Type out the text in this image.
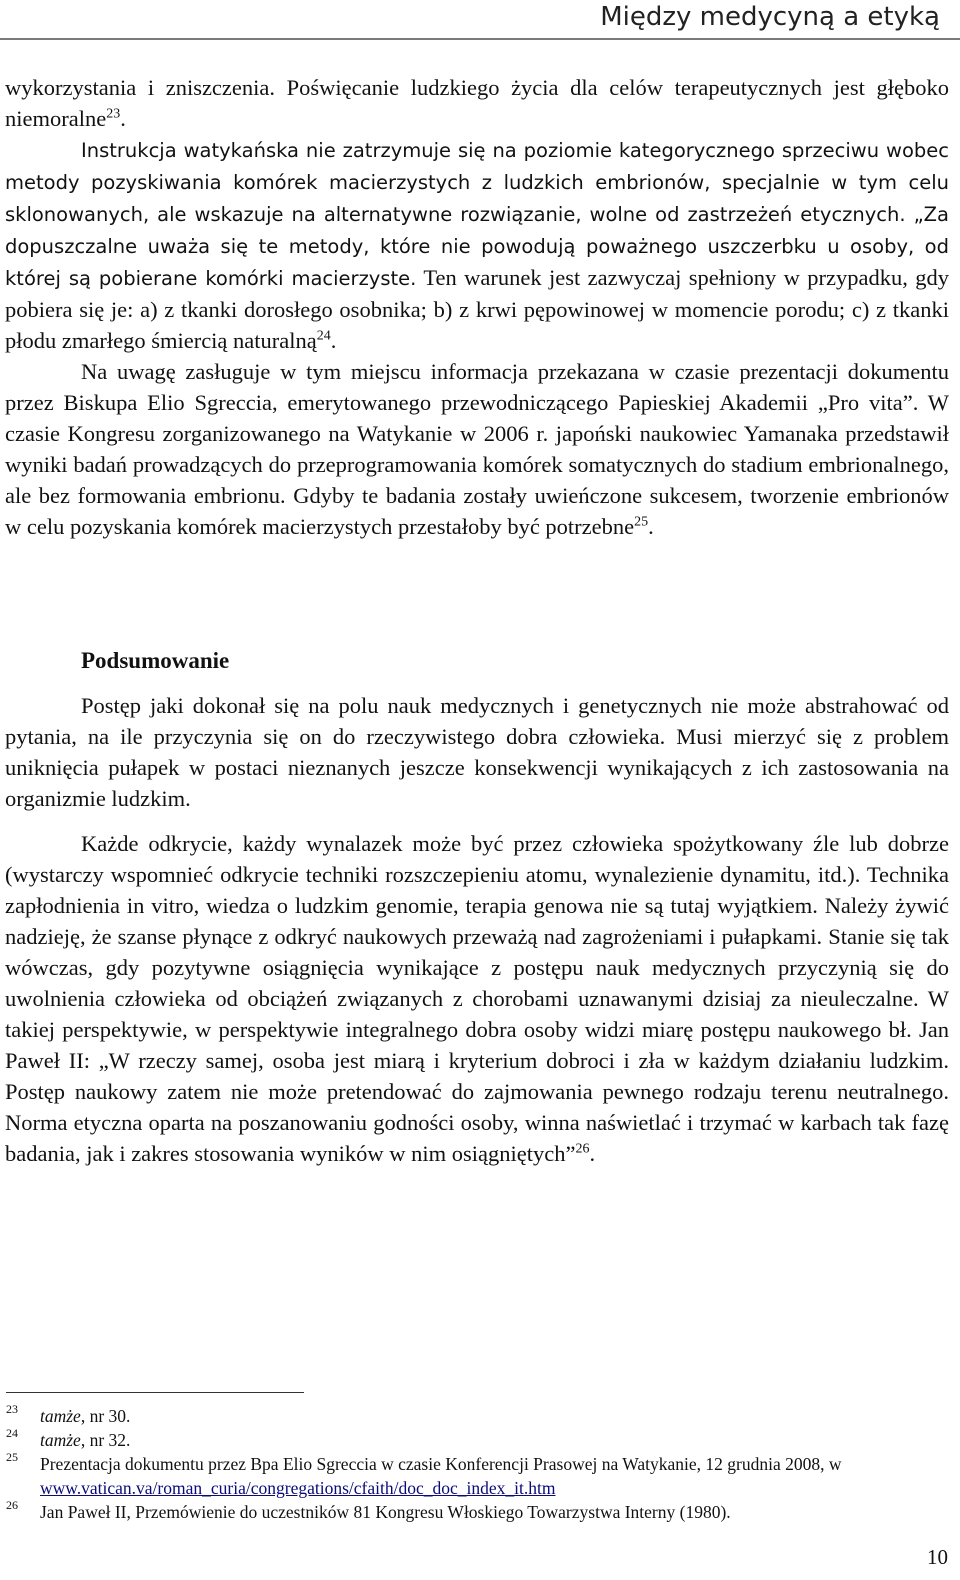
Między medycyną a etyką

wykorzystania i zniszczenia. Poświęcanie ludzkiego życia dla celów terapeutycznych jest głęboko niemoralne$^{23}$.

Instrukcja watykańska nie zatrzymuje się na poziomie kategorycznego sprzeciwu wobec metody pozyskiwania komórek macierzystych z ludzkich embrionów, specjalnie w tym celu sklonowanych, ale wskazuje na alternatywne rozwiązanie, wolne od zastrzeżeń etycznych. „Za dopuszczalne uważa się te metody, które nie powodują poważnego uszczerbku u osoby, od której są pobierane komórki macierzyste. Ten warunek jest zazwyczaj spełniony w przypadku, gdy pobiera się je: a) z tkanki dorosłego osobnika; b) z krwi pępowinowej w momencie porodu; c) z tkanki płodu zmarłego śmiercią naturalną$^{24}$.

Na uwagę zasługuje w tym miejscu informacja przekazana w czasie prezentacji dokumentu przez Biskupa Elio Sgreccia, emerytowanego przewodniczącego Papieskiej Akademii „Pro vita”. W czasie Kongresu zorganizowanego na Watykanie w 2006 r. japoński naukowiec Yamanaka przedstawił wyniki badań prowadzących do przeprogramowania komórek somatycznych do stadium embrionalnego, ale bez formowania embrionu. Gdyby te badania zostały uwieńczone sukcesem, tworzenie embrionów w celu pozyskania komórek macierzystych przestałoby być potrzebne$^{25}$.

Podsumowanie

Postęp jaki dokonał się na polu nauk medycznych i genetycznych nie może abstrahować od pytania, na ile przyczynia się on do rzeczywistego dobra człowieka. Musi mierzyć się z problem uniknięcia pułapek w postaci nieznanych jeszcze konsekwencji wynikających z ich zastosowania na organizmie ludzkim.

Każde odkrycie, każdy wynalazek może być przez człowieka spożytkowany źle lub dobrze (wystarczy wspomnieć odkrycie techniki rozszczepieniu atomu, wynalezienie dynamitu, itd.). Technika zapłodnienia in vitro, wiedza o ludzkim genomie, terapia genowa nie są tutaj wyjątkiem. Należy żywić nadzieję, że szanse płynące z odkryć naukowych przeważą nad zagrożeniami i pułapkami. Stanie się tak wówczas, gdy pozytywne osiągnięcia wynikające z postępu nauk medycznych przyczynią się do uwolnienia człowieka od obciążeń związanych z chorobami uznawanymi dzisiaj za nieuleczalne. W takiej perspektywie, w perspektywie integralnego dobra osoby widzi miarę postępu naukowego bł. Jan Paweł II: „W rzeczy samej, osoba jest miarą i kryterium dobroci i zła w każdym działaniu ludzkim. Postęp naukowy zatem nie może pretendować do zajmowania pewnego rodzaju terenu neutralnego. Norma etyczna oparta na poszanowaniu godności osoby, winna naświetlać i trzymać w karbach tak fazę badania, jak i zakres stosowania wyników w nim osiągniętych”$^{26}$.

23 tamże, nr 30.
24 tamże, nr 32.
25 Prezentacja dokumentu przez Bpa Elio Sgreccia w czasie Konferencji Prasowej na Watykanie, 12 grudnia 2008, w www.vatican.va/roman_curia/congregations/cfaith/doc_doc_index_it.htm
26 Jan Paweł II, Przemówienie do uczestników 81 Kongresu Włoskiego Towarzystwa Interny (1980).
10
